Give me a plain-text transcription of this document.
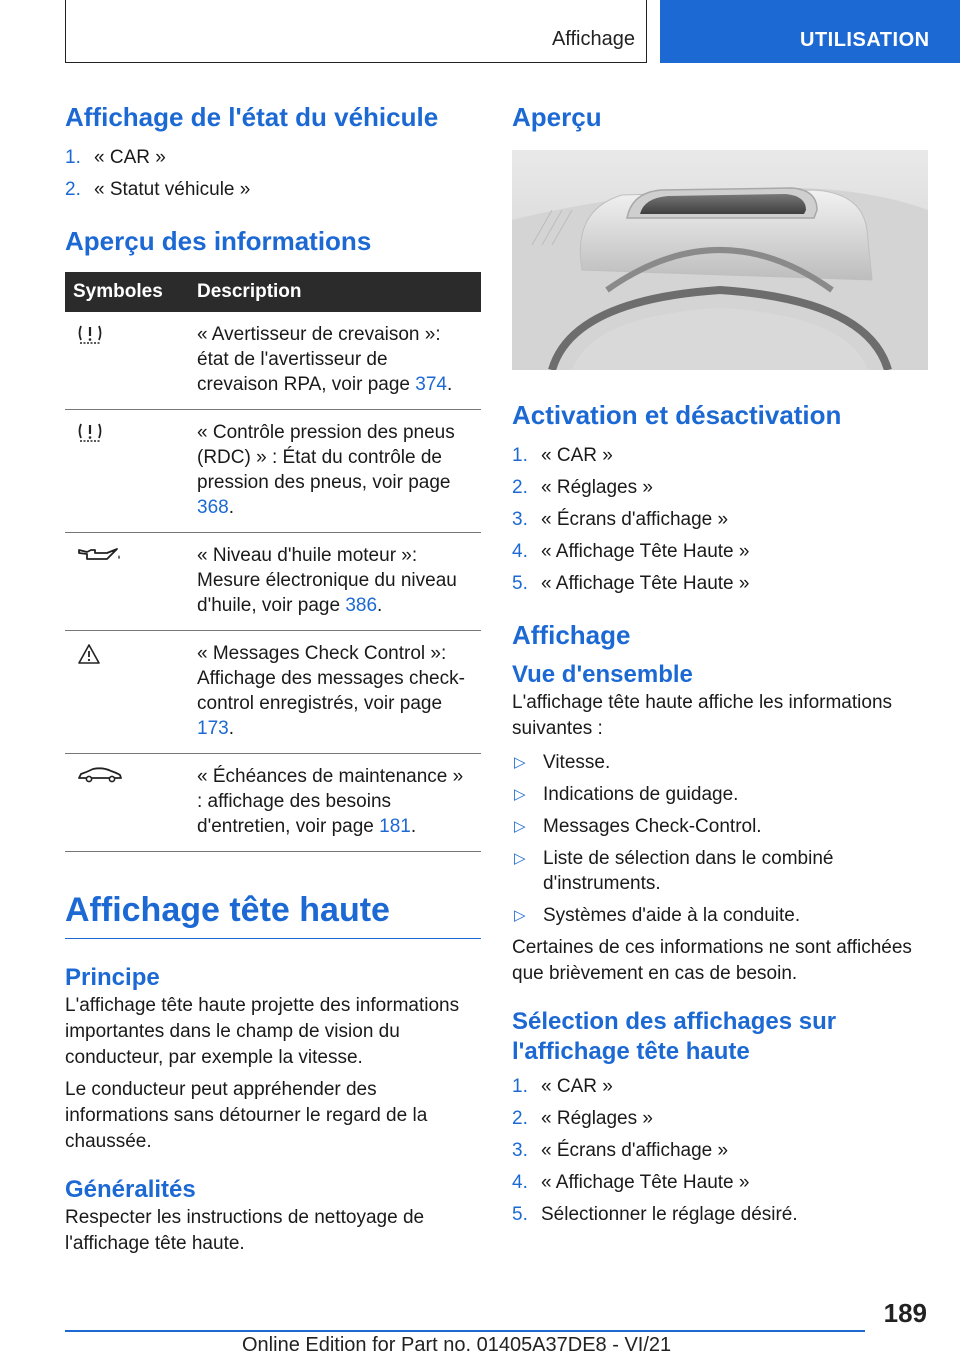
Affichage	UTILISATION
Affichage de l'état du véhicule
1. « CAR »
2. « Statut véhicule »
Aperçu des informations
Symboles	Description
	« Avertisseur de crevaison »: état de l'avertisseur de crevaison RPA, voir page 374.
	« Contrôle pression des pneus (RDC) » : État du contrôle de pression des pneus, voir page 368.
	« Niveau d'huile moteur »: Mesure électronique du niveau d'huile, voir page 386.
	« Messages Check Control »: Affichage des messages check-control enregistrés, voir page 173.
	« Échéances de maintenance » : affichage des besoins d'entretien, voir page 181.
Affichage tête haute
Principe

L'affichage tête haute projette des informations importantes dans le champ de vision du conducteur, par exemple la vitesse.

Le conducteur peut appréhender des informations sans détourner le regard de la chaussée.

Généralités

Respecter les instructions de nettoyage de l'affichage tête haute.

Aperçu
Activation et désactivation
1. « CAR »
2. « Réglages »
3. « Écrans d'affichage »
4. « Affichage Tête Haute »
5. « Affichage Tête Haute »
Affichage
Vue d'ensemble

L'affichage tête haute affiche les informations suivantes :

▷ Vitesse.
▷ Indications de guidage.
▷ Messages Check-Control.
▷ Liste de sélection dans le combiné d'instruments.
▷ Systèmes d'aide à la conduite.

Certaines de ces informations ne sont affichées que brièvement en cas de besoin.

Sélection des affichages sur l'affichage tête haute
1. « CAR »
2. « Réglages »
3. « Écrans d'affichage »
4. « Affichage Tête Haute »
5. Sélectionner le réglage désiré.
189
Online Edition for Part no. 01405A37DE8 - VI/21
